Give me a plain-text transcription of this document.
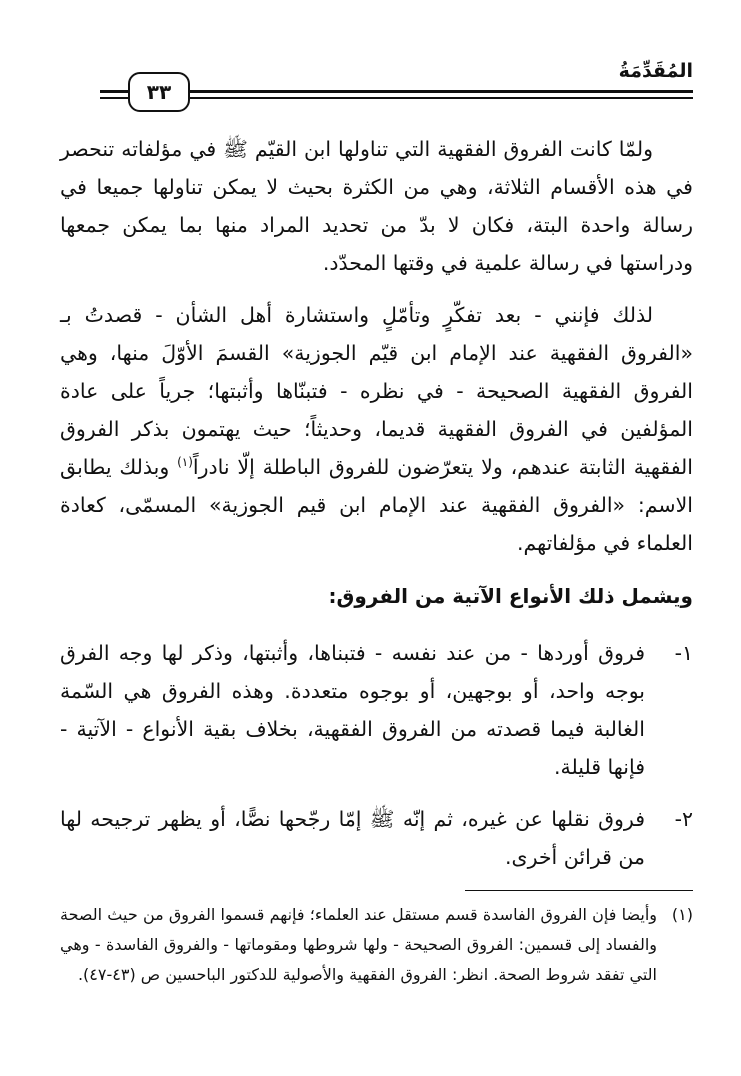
المُقَدِّمَةُ
٣٣
ولمّا كانت الفروق الفقهية التي تناولها ابن القيّم ﷺ في مؤلفاته تنحصر في هذه الأقسام الثلاثة، وهي من الكثرة بحيث لا يمكن تناولها جميعا في رسالة واحدة البتة، فكان لا بدّ من تحديد المراد منها بما يمكن جمعها ودراستها في رسالة علمية في وقتها المحدّد.
لذلك فإنني - بعد تفكّرٍ وتأمّلٍ واستشارة أهل الشأن - قصدتُ بـ «الفروق الفقهية عند الإمام ابن قيّم الجوزية» القسمَ الأوّلَ منها، وهي الفروق الفقهية الصحيحة - في نظره - فتبنّاها وأثبتها؛ جرياً على عادة المؤلفين في الفروق الفقهية قديما، وحديثاً؛ حيث يهتمون بذكر الفروق الفقهية الثابتة عندهم، ولا يتعرّضون للفروق الباطلة إلّا نادراً$^{(١)}$ وبذلك يطابق الاسم: «الفروق الفقهية عند الإمام ابن قيم الجوزية» المسمّى، كعادة العلماء في مؤلفاتهم.
ويشمل ذلك الأنواع الآتية من الفروق:
١-
فروق أوردها - من عند نفسه - فتبناها، وأثبتها، وذكر لها وجه الفرق بوجه واحد، أو بوجهين، أو بوجوه متعددة. وهذه الفروق هي السّمة الغالبة فيما قصدته من الفروق الفقهية، بخلاف بقية الأنواع - الآتية - فإنها قليلة.
٢-
فروق نقلها عن غيره، ثم إنّه ﷺ إمّا رجّحها نصًّا، أو يظهر ترجيحه لها من قرائن أخرى.
(١)
وأيضا فإن الفروق الفاسدة قسم مستقل عند العلماء؛ فإنهم قسموا الفروق من حيث الصحة والفساد إلى قسمين: الفروق الصحيحة - ولها شروطها ومقوماتها - والفروق الفاسدة - وهي التي تفقد شروط الصحة. انظر: الفروق الفقهية والأصولية للدكتور الباحسين ص (٤٣-٤٧).
